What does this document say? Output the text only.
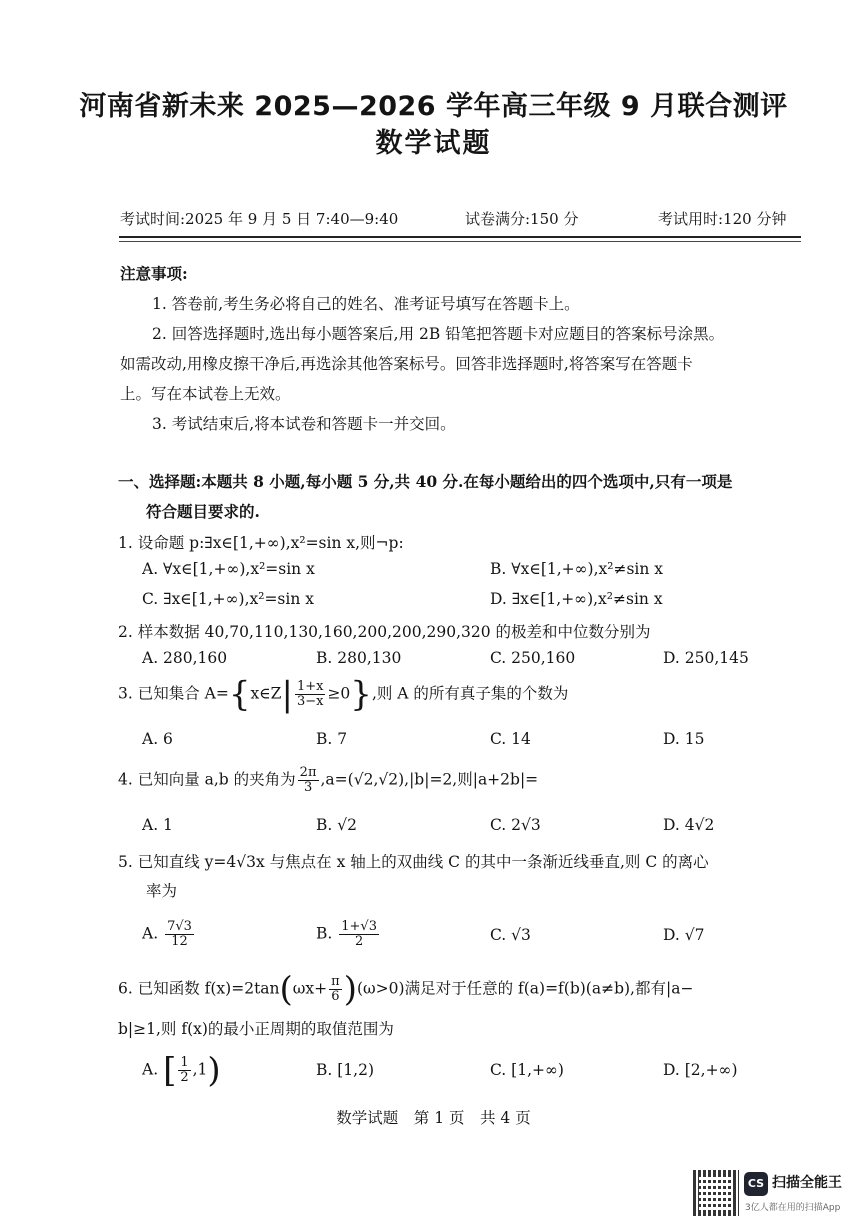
河南省新未来 2025—2026 学年高三年级 9 月联合测评
数学试题
考试时间:2025 年 9 月 5 日 7:40—9:40	试卷满分:150 分	考试用时:120 分钟
注意事项:
1. 答卷前,考生务必将自己的姓名、准考证号填写在答题卡上。
2. 回答选择题时,选出每小题答案后,用 2B 铅笔把答题卡对应题目的答案标号涂黑。
如需改动,用橡皮擦干净后,再选涂其他答案标号。回答非选择题时,将答案写在答题卡
上。写在本试卷上无效。
3. 考试结束后,将本试卷和答题卡一并交回。
一、选择题:本题共 8 小题,每小题 5 分,共 40 分.在每小题给出的四个选项中,只有一项是
符合题目要求的.
1. 设命题 p:∃x∈[1,+∞),x²=sin x,则¬p:
A. ∀x∈[1,+∞),x²=sin x	B. ∀x∈[1,+∞),x²≠sin x
C. ∃x∈[1,+∞),x²=sin x	D. ∃x∈[1,+∞),x²≠sin x
2. 样本数据 40,70,110,130,160,200,200,290,320 的极差和中位数分别为
A. 280,160	B. 280,130	C. 250,160	D. 250,145
3. 已知集合 A={x∈Z| $\frac{1+x}{3-x} \ge 0$},则 A 的所有真子集的个数为
A. 6	B. 7	C. 14	D. 15
4. 已知向量 a,b 的夹角为 $\frac{2\pi}{3} ,a=(√2,√2),|b|=2$,则|a+2b|=
A. 1	B. √2	C. 2√3	D. 4√2
5. 已知直线 y=4√3x 与焦点在 x 轴上的双曲线 C 的其中一条渐近线垂直,则 C 的离心
率为
A. $\frac{7√3}{12}$	B. $\frac{1+√3}{2}$	C. √3	D. √7
6. 已知函数 $f(x)=2\tan(\omega x+ \frac{\pi}{6} )(\omega>0)$满足对于任意的 f(a)=f(b)(a≠b),都有|a−
b|≥1,则 f(x)的最小正周期的取值范围为
A. [ $\frac{1}{2} ,1$)	B. [1,2)	C. [1,+∞)	D. [2,+∞)
数学试题　第 1 页　共 4 页
CS 扫描全能王
3亿人都在用的扫描App
